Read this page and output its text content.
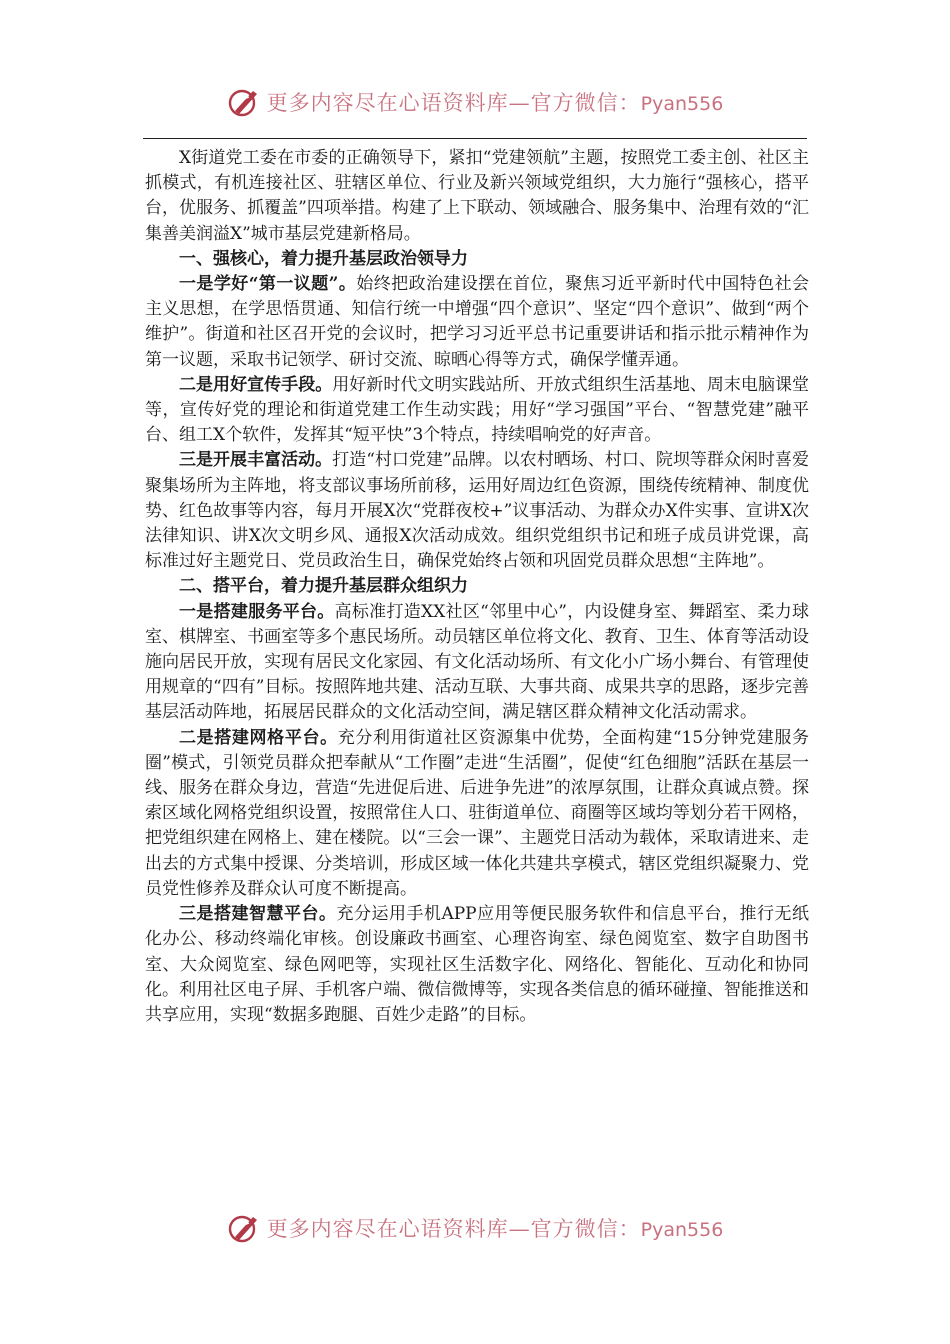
更多内容尽在心语资料库—官方微信：Pyan556

X街道党工委在市委的正确领导下，紧扣“党建领航”主题，按照党工委主创、社区主抓模式，有机连接社区、驻辖区单位、行业及新兴领域党组织，大力施行“强核心，搭平台，优服务、抓覆盖”四项举措。构建了上下联动、领域融合、服务集中、治理有效的“汇集善美润溢X”城市基层党建新格局。

一、强核心，着力提升基层政治领导力

一是学好“第一议题”。始终把政治建设摆在首位，聚焦习近平新时代中国特色社会主义思想，在学思悟贯通、知信行统一中增强“四个意识”、坚定“四个意识”、做到“两个维护”。街道和社区召开党的会议时，把学习习近平总书记重要讲话和指示批示精神作为第一议题，采取书记领学、研讨交流、晾晒心得等方式，确保学懂弄通。

二是用好宣传手段。用好新时代文明实践站所、开放式组织生活基地、周末电脑课堂等，宣传好党的理论和街道党建工作生动实践；用好“学习强国”平台、“智慧党建”融平台、组工X个软件，发挥其“短平快”3个特点，持续唱响党的好声音。

三是开展丰富活动。打造“村口党建”品牌。以农村晒场、村口、院坝等群众闲时喜爱聚集场所为主阵地，将支部议事场所前移，运用好周边红色资源，围绕传统精神、制度优势、红色故事等内容，每月开展X次“党群夜校+”议事活动、为群众办X件实事、宣讲X次法律知识、讲X次文明乡风、通报X次活动成效。组织党组织书记和班子成员讲党课，高标准过好主题党日、党员政治生日，确保党始终占领和巩固党员群众思想“主阵地”。

二、搭平台，着力提升基层群众组织力

一是搭建服务平台。高标准打造XX社区“邻里中心”，内设健身室、舞蹈室、柔力球室、棋牌室、书画室等多个惠民场所。动员辖区单位将文化、教育、卫生、体育等活动设施向居民开放，实现有居民文化家园、有文化活动场所、有文化小广场小舞台、有管理使用规章的“四有”目标。按照阵地共建、活动互联、大事共商、成果共享的思路，逐步完善基层活动阵地，拓展居民群众的文化活动空间，满足辖区群众精神文化活动需求。

二是搭建网格平台。充分利用街道社区资源集中优势，全面构建“15分钟党建服务圈”模式，引领党员群众把奉献从“工作圈”走进“生活圈”，促使“红色细胞”活跃在基层一线、服务在群众身边，营造“先进促后进、后进争先进”的浓厚氛围，让群众真诚点赞。探索区域化网格党组织设置，按照常住人口、驻街道单位、商圈等区域均等划分若干网格，把党组织建在网格上、建在楼院。以“三会一课”、主题党日活动为载体，采取请进来、走出去的方式集中授课、分类培训，形成区域一体化共建共享模式，辖区党组织凝聚力、党员党性修养及群众认可度不断提高。

三是搭建智慧平台。充分运用手机APP应用等便民服务软件和信息平台，推行无纸化办公、移动终端化审核。创设廉政书画室、心理咨询室、绿色阅览室、数字自助图书室、大众阅览室、绿色网吧等，实现社区生活数字化、网络化、智能化、互动化和协同化。利用社区电子屏、手机客户端、微信微博等，实现各类信息的循环碰撞、智能推送和共享应用，实现“数据多跑腿、百姓少走路”的目标。

更多内容尽在心语资料库—官方微信：Pyan556
